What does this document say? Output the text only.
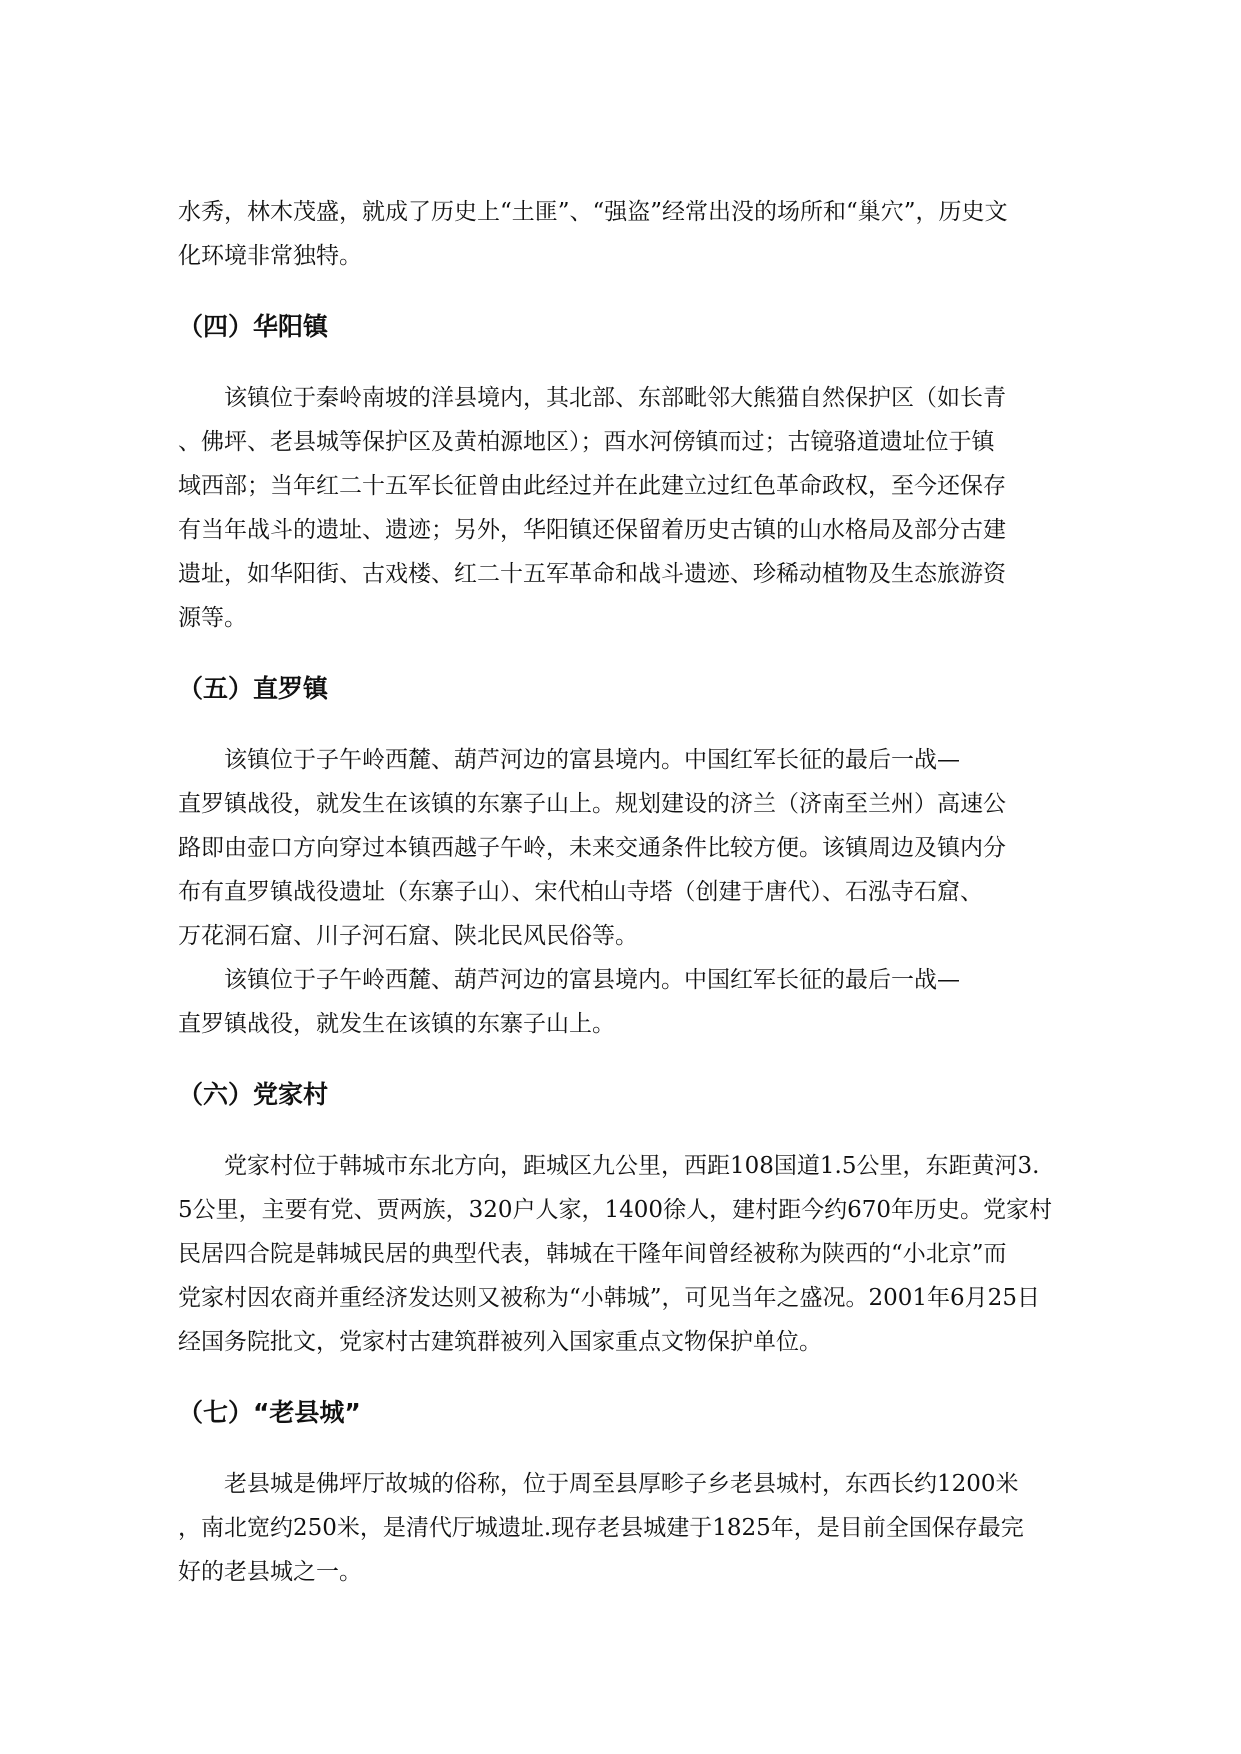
水秀，林木茂盛，就成了历史上“土匪”、“强盗”经常出没的场所和“巢穴”，历史文
化环境非常独特。
（四）华阳镇
　　该镇位于秦岭南坡的洋县境内，其北部、东部毗邻大熊猫自然保护区（如长青
、佛坪、老县城等保护区及黄柏源地区）；酉水河傍镇而过；古镜骆道遗址位于镇
域西部；当年红二十五军长征曾由此经过并在此建立过红色革命政权，至今还保存
有当年战斗的遗址、遗迹；另外，华阳镇还保留着历史古镇的山水格局及部分古建
遗址，如华阳街、古戏楼、红二十五军革命和战斗遗迹、珍稀动植物及生态旅游资
源等。
（五）直罗镇
　　该镇位于子午岭西麓、葫芦河边的富县境内。中国红军长征的最后一战—
直罗镇战役，就发生在该镇的东寨子山上。规划建设的济兰（济南至兰州）高速公
路即由壶口方向穿过本镇西越子午岭，未来交通条件比较方便。该镇周边及镇内分
布有直罗镇战役遗址（东寨子山）、宋代柏山寺塔（创建于唐代）、石泓寺石窟、
万花洞石窟、川子河石窟、陕北民风民俗等。
　　该镇位于子午岭西麓、葫芦河边的富县境内。中国红军长征的最后一战—
直罗镇战役，就发生在该镇的东寨子山上。
（六）党家村
　　党家村位于韩城市东北方向，距城区九公里，西距108国道1.5公里，东距黄河3.
5公里，主要有党、贾两族，320户人家，1400徐人，建村距今约670年历史。党家村
民居四合院是韩城民居的典型代表，韩城在干隆年间曾经被称为陕西的“小北京”而
党家村因农商并重经济发达则又被称为“小韩城”，可见当年之盛况。2001年6月25日
经国务院批文，党家村古建筑群被列入国家重点文物保护单位。
（七）“老县城”
　　老县城是佛坪厅故城的俗称，位于周至县厚畛子乡老县城村，东西长约1200米
，南北宽约250米，是清代厅城遗址.现存老县城建于1825年，是目前全国保存最完
好的老县城之一。
